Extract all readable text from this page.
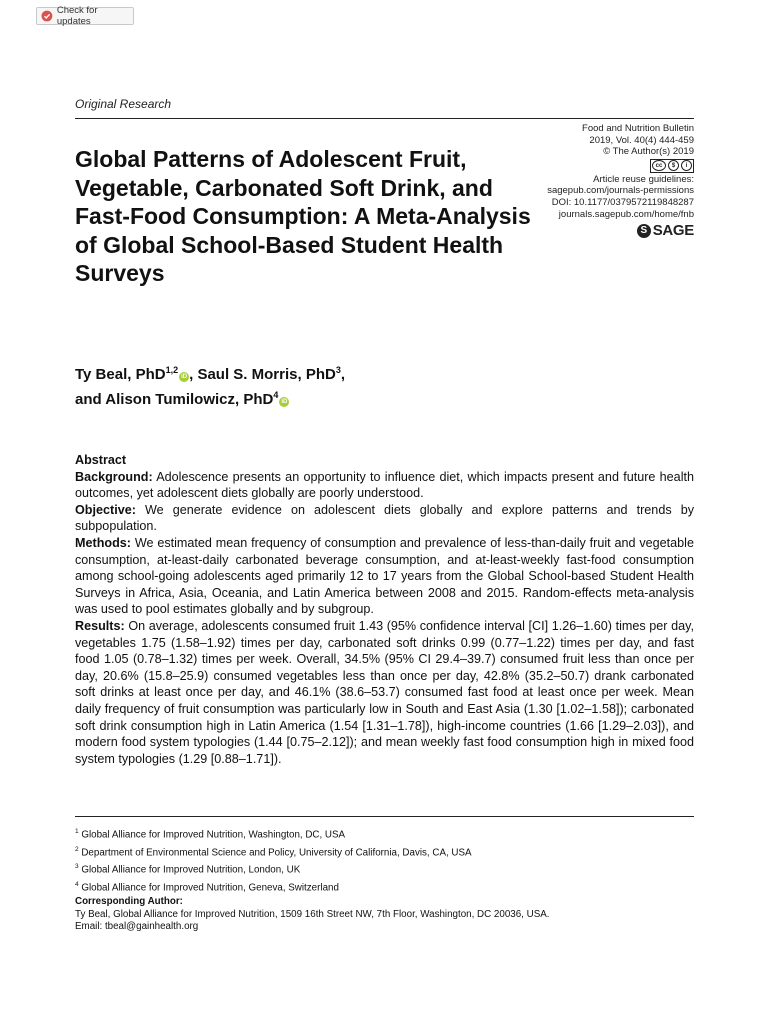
Check for updates
Original Research
Food and Nutrition Bulletin
2019, Vol. 40(4) 444-459
© The Author(s) 2019
cc	$	i
Article reuse guidelines:
sagepub.com/journals-permissions
DOI: 10.1177/0379572119848287
journals.sagepub.com/home/fnb
S SAGE
Global Patterns of Adolescent Fruit, Vegetable, Carbonated Soft Drink, and Fast-Food Consumption: A Meta-Analysis of Global School-Based Student Health Surveys
Ty Beal, PhD$^{1,2}$iD , Saul S. Morris, PhD$^3$,
and Alison Tumilowicz, PhD$^4$iD

Abstract

Background: Adolescence presents an opportunity to influence diet, which impacts present and future health outcomes, yet adolescent diets globally are poorly understood.

Objective: We generate evidence on adolescent diets globally and explore patterns and trends by subpopulation.

Methods: We estimated mean frequency of consumption and prevalence of less-than-daily fruit and vegetable consumption, at-least-daily carbonated beverage consumption, and at-least-weekly fast-food consumption among school-going adolescents aged primarily 12 to 17 years from the Global School-based Student Health Surveys in Africa, Asia, Oceania, and Latin America between 2008 and 2015. Random-effects meta-analysis was used to pool estimates globally and by subgroup.

Results: On average, adolescents consumed fruit 1.43 (95% confidence interval [CI] 1.26–1.60) times per day, vegetables 1.75 (1.58–1.92) times per day, carbonated soft drinks 0.99 (0.77–1.22) times per day, and fast food 1.05 (0.78–1.32) times per week. Overall, 34.5% (95% CI 29.4–39.7) consumed fruit less than once per day, 20.6% (15.8–25.9) consumed vegetables less than once per day, 42.8% (35.2–50.7) drank carbonated soft drinks at least once per day, and 46.1% (38.6–53.7) consumed fast food at least once per week. Mean daily frequency of fruit consumption was particularly low in South and East Asia (1.30 [1.02–1.58]); carbonated soft drink consumption high in Latin America (1.54 [1.31–1.78]), high-income countries (1.66 [1.29–2.03]), and modern food system typologies (1.44 [0.75–2.12]); and mean weekly fast food consumption high in mixed food system typologies (1.29 [0.88–1.71]).

$^1$ Global Alliance for Improved Nutrition, Washington, DC, USA
$^2$ Department of Environmental Science and Policy, University of California, Davis, CA, USA
$^3$ Global Alliance for Improved Nutrition, London, UK
$^4$ Global Alliance for Improved Nutrition, Geneva, Switzerland
Corresponding Author:
Ty Beal, Global Alliance for Improved Nutrition, 1509 16th Street NW, 7th Floor, Washington, DC 20036, USA.
Email: tbeal@gainhealth.org
